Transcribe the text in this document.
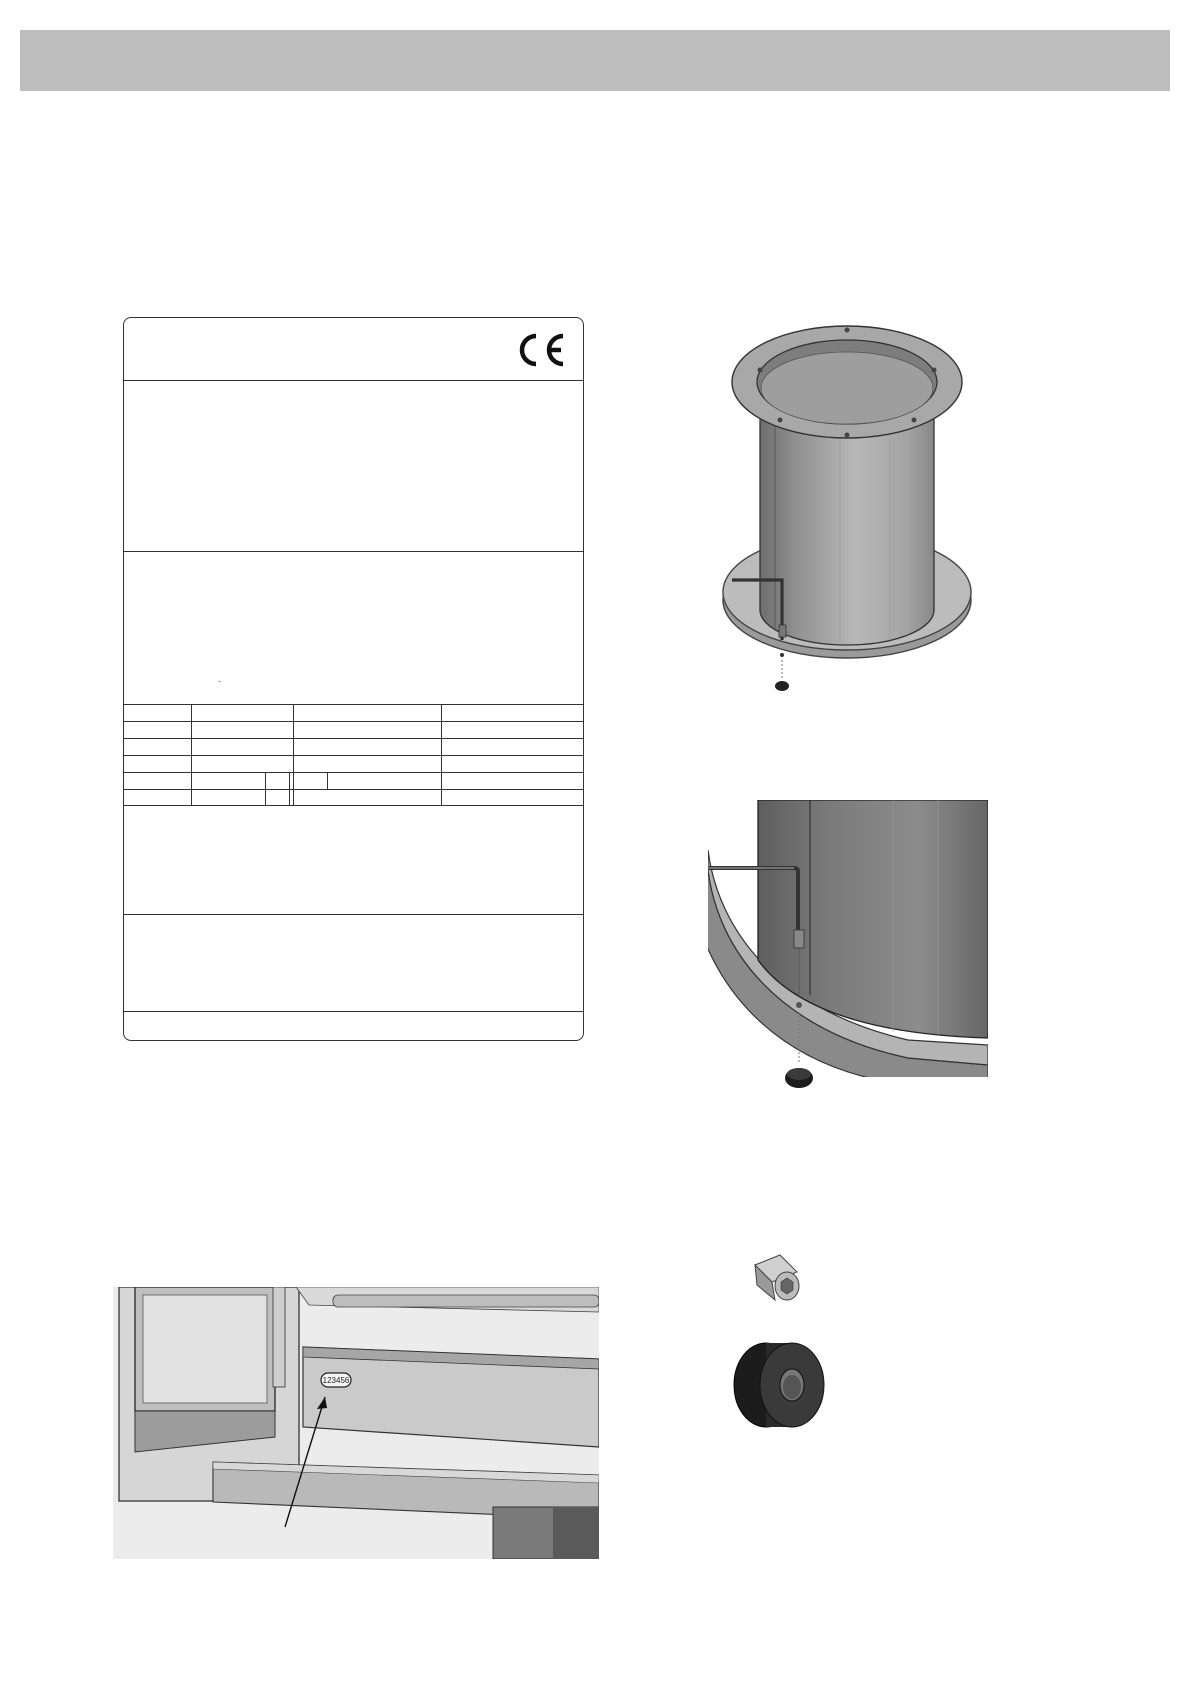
-
123456
